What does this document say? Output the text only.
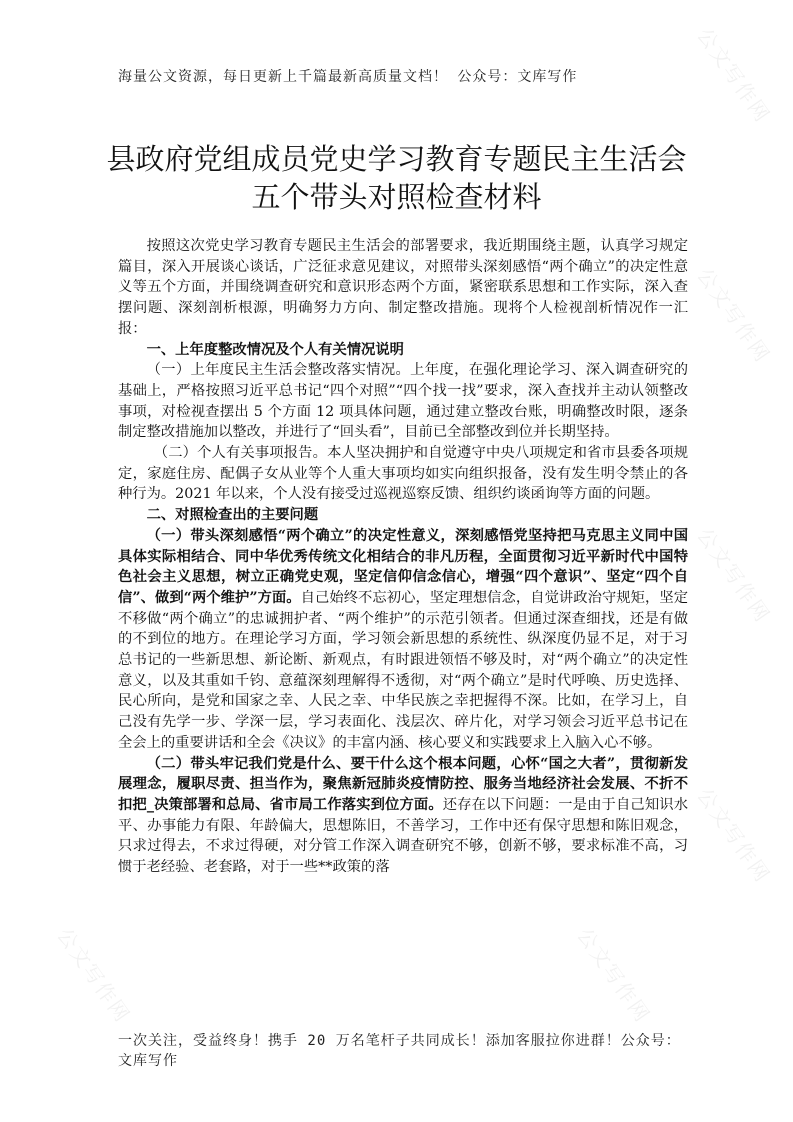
公文写作网
公文写作网
公文写作网
公文写作网
公文写作网
公文写作网
海量公文资源，每日更新上千篇最新高质量文档！ 公众号：文库写作
县政府党组成员党史学习教育专题民主生活会
五个带头对照检查材料

按照这次党史学习教育专题民主生活会的部署要求，我近期围绕主题，认真学习规定篇目，深入开展谈心谈话，广泛征求意见建议，对照带头深刻感悟“两个确立”的决定性意义等五个方面，并围绕调查研究和意识形态两个方面，紧密联系思想和工作实际，深入查摆问题、深刻剖析根源，明确努力方向、制定整改措施。现将个人检视剖析情况作一汇报：

一、上年度整改情况及个人有关情况说明

（一）上年度民主生活会整改落实情况。上年度，在强化理论学习、深入调查研究的基础上，严格按照习近平总书记“四个对照”“四个找一找”要求，深入查找并主动认领整改事项，对检视查摆出 5 个方面 12 项具体问题，通过建立整改台账，明确整改时限，逐条制定整改措施加以整改，并进行了“回头看”，目前已全部整改到位并长期坚持。

（二）个人有关事项报告。本人坚决拥护和自觉遵守中央八项规定和省市县委各项规定，家庭住房、配偶子女从业等个人重大事项均如实向组织报备，没有发生明令禁止的各种行为。2021 年以来，个人没有接受过巡视巡察反馈、组织约谈函询等方面的问题。

二、对照检查出的主要问题

（一）带头深刻感悟“两个确立”的决定性意义，深刻感悟党坚持把马克思主义同中国具体实际相结合、同中华优秀传统文化相结合的非凡历程，全面贯彻习近平新时代中国特色社会主义思想，树立正确党史观，坚定信仰信念信心，增强“四个意识”、坚定“四个自信”、做到“两个维护”方面。自己始终不忘初心，坚定理想信念，自觉讲政治守规矩，坚定不移做“两个确立”的忠诚拥护者、“两个维护”的示范引领者。但通过深查细找，还是有做的不到位的地方。在理论学习方面，学习领会新思想的系统性、纵深度仍显不足，对于习总书记的一些新思想、新论断、新观点，有时跟进领悟不够及时，对“两个确立”的决定性意义，以及其重如千钧、意蕴深刻理解得不透彻，对“两个确立”是时代呼唤、历史选择、民心所向，是党和国家之幸、人民之幸、中华民族之幸把握得不深。比如，在学习上，自己没有先学一步、学深一层，学习表面化、浅层次、碎片化，对学习领会习近平总书记在全会上的重要讲话和全会《决议》的丰富内涵、核心要义和实践要求上入脑入心不够。

（二）带头牢记我们党是什么、要干什么这个根本问题，心怀“国之大者”，贯彻新发展理念，履职尽责、担当作为，聚焦新冠肺炎疫情防控、服务当地经济社会发展、不折不扣把_决策部署和总局、省市局工作落实到位方面。还存在以下问题：一是由于自己知识水平、办事能力有限、年龄偏大，思想陈旧，不善学习，工作中还有保守思想和陈旧观念，只求过得去，不求过得硬，对分管工作深入调查研究不够，创新不够，要求标准不高，习惯于老经验、老套路，对于一些**政策的落

一次关注，受益终身！携手 20 万名笔杆子共同成长！添加客服拉你进群！公众号：文库写作
